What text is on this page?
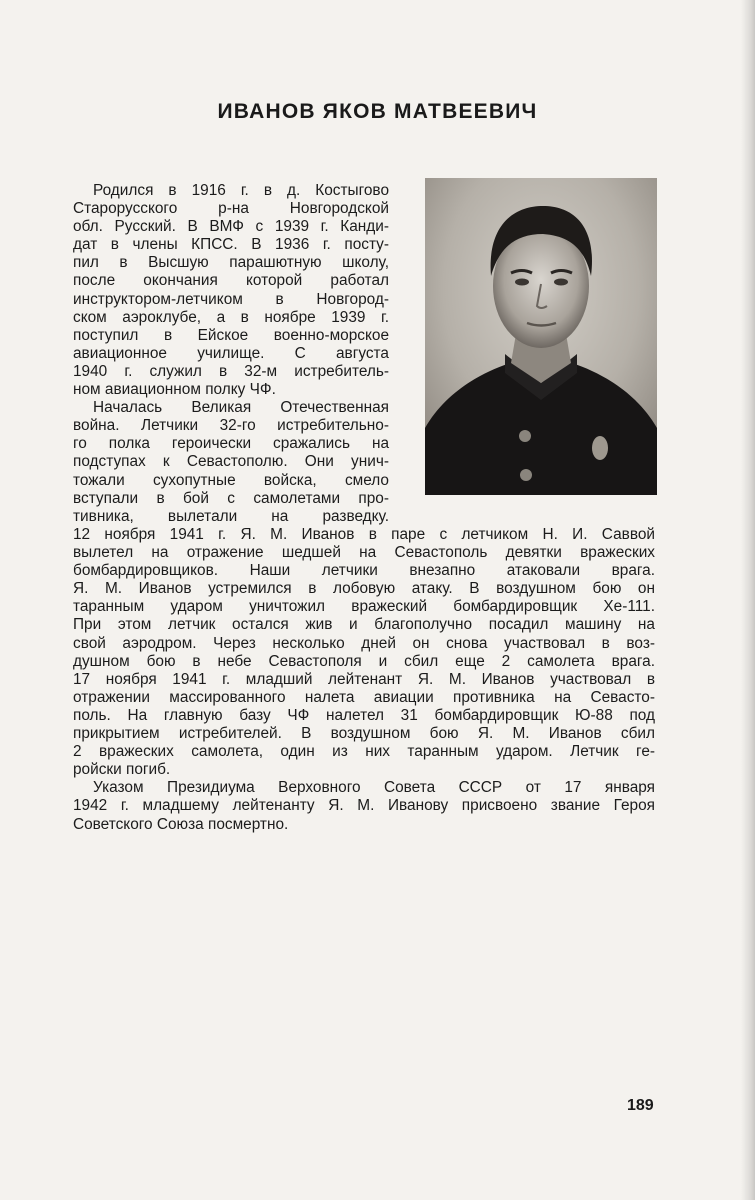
ИВАНОВ ЯКОВ МАТВЕЕВИЧ
Родился в 1916 г. в д. Костыгово
Старорусского р-на Новгородской
обл. Русский. В ВМФ с 1939 г. Канди-
дат в члены КПСС. В 1936 г. посту-
пил в Высшую парашютную школу,
после окончания которой работал
инструктором-летчиком в Новгород-
ском аэроклубе, а в ноябре 1939 г.
поступил в Ейское военно-морское
авиационное училище. С августа
1940 г. служил в 32-м истребитель-
ном авиационном полку ЧФ.
Началась Великая Отечественная
война. Летчики 32-го истребительно-
го полка героически сражались на
подступах к Севастополю. Они унич-
тожали сухопутные войска, смело
вступали в бой с самолетами про-
тивника, вылетали на разведку.
12 ноября 1941 г. Я. М. Иванов в паре с летчиком Н. И. Саввой
вылетел на отражение шедшей на Севастополь девятки вражеских
бомбардировщиков. Наши летчики внезапно атаковали врага.
Я. М. Иванов устремился в лобовую атаку. В воздушном бою он
таранным ударом уничтожил вражеский бомбардировщик Хе-111.
При этом летчик остался жив и благополучно посадил машину на
свой аэродром. Через несколько дней он снова участвовал в воз-
душном бою в небе Севастополя и сбил еще 2 самолета врага.
17 ноября 1941 г. младший лейтенант Я. М. Иванов участвовал в
отражении массированного налета авиации противника на Севасто-
поль. На главную базу ЧФ налетел 31 бомбардировщик Ю-88 под
прикрытием истребителей. В воздушном бою Я. М. Иванов сбил
2 вражеских самолета, один из них таранным ударом. Летчик ге-
ройски погиб.
Указом Президиума Верховного Совета СССР от 17 января
1942 г. младшему лейтенанту Я. М. Иванову присвоено звание Героя
Советского Союза посмертно.
189
